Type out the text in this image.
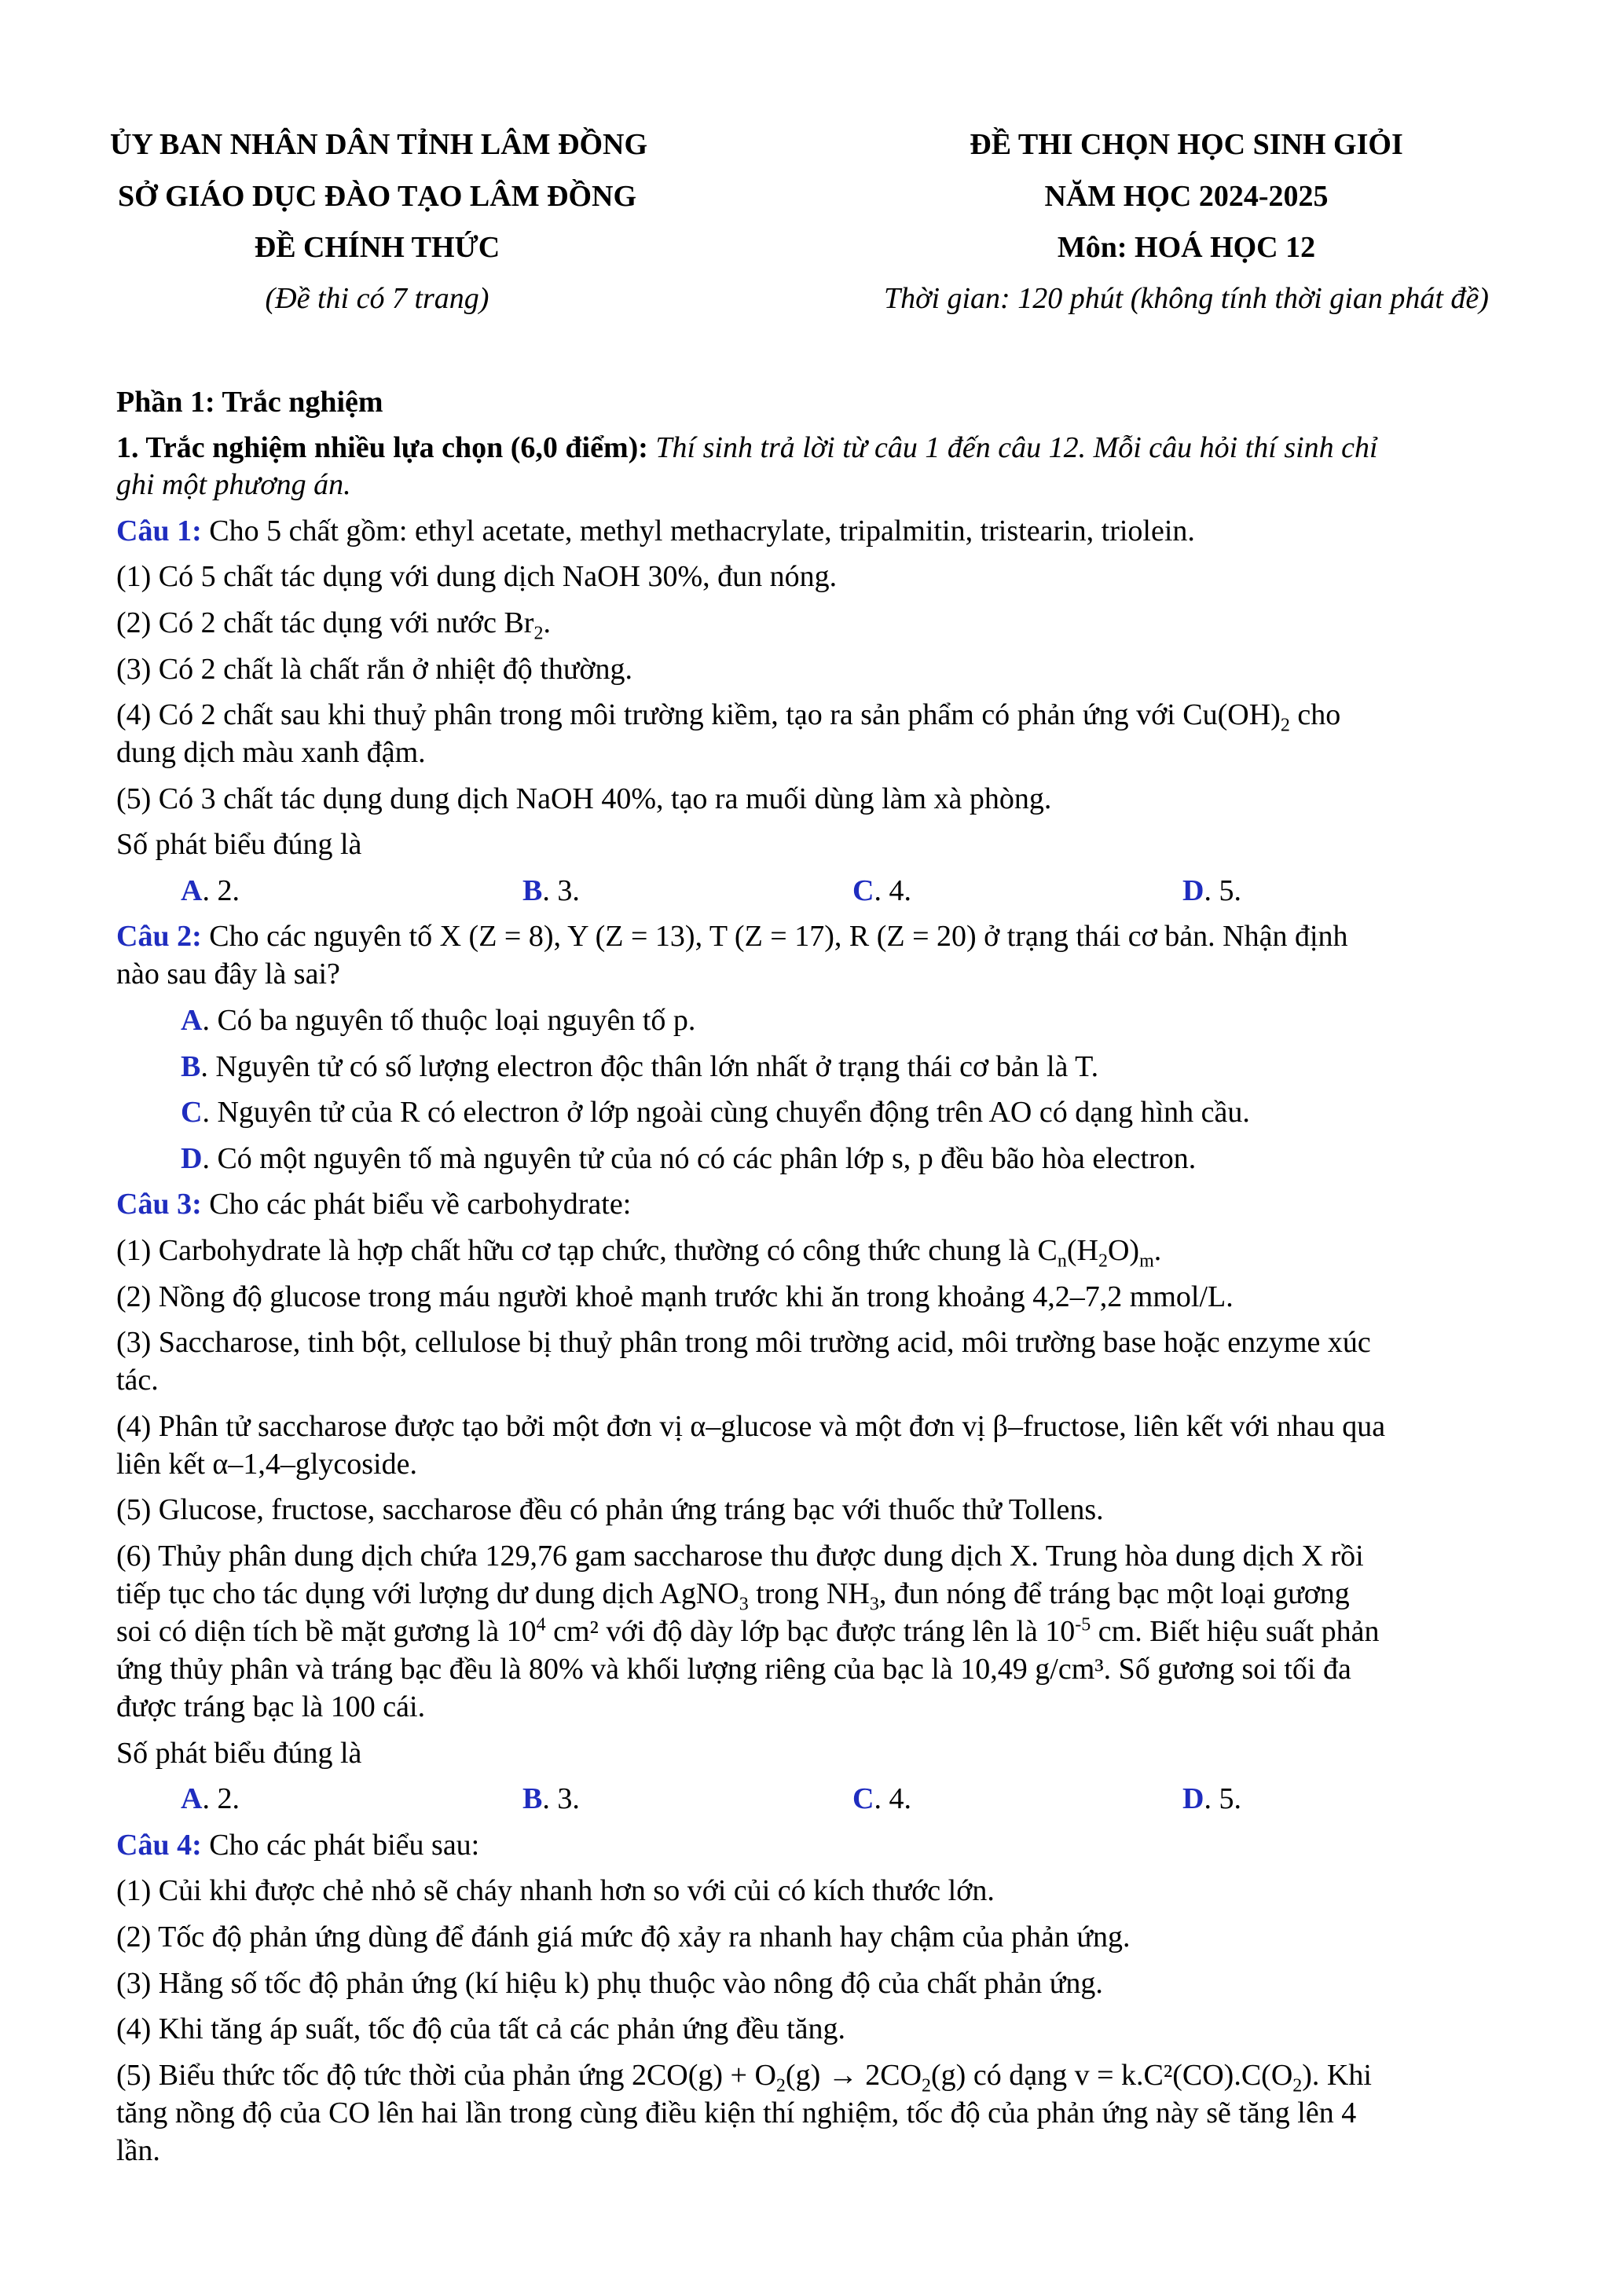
ỦY BAN NHÂN DÂN TỈNH LÂM ĐỒNG
SỞ GIÁO DỤC ĐÀO TẠO LÂM ĐỒNG
ĐỀ CHÍNH THỨC
(Đề thi có 7 trang)
ĐỀ THI CHỌN HỌC SINH GIỎI
NĂM HỌC 2024-2025
Môn: HOÁ HỌC 12
Thời gian: 120 phút (không tính thời gian phát đề)
Phần 1: Trắc nghiệm
1. Trắc nghiệm nhiều lựa chọn (6,0 điểm): Thí sinh trả lời từ câu 1 đến câu 12. Mỗi câu hỏi thí sinh chỉ
ghi một phương án.
Câu 1: Cho 5 chất gồm: ethyl acetate, methyl methacrylate, tripalmitin, tristearin, triolein.
(1) Có 5 chất tác dụng với dung dịch NaOH 30%, đun nóng.
(2) Có 2 chất tác dụng với nước $Br_2$.
(3) Có 2 chất là chất rắn ở nhiệt độ thường.
(4) Có 2 chất sau khi thuỷ phân trong môi trường kiềm, tạo ra sản phẩm có phản ứng với $Cu(OH)_2$ cho
dung dịch màu xanh đậm.
(5) Có 3 chất tác dụng dung dịch NaOH 40%, tạo ra muối dùng làm xà phòng.
Số phát biểu đúng là
A. 2.	B. 3.	C. 4.	D. 5.
Câu 2: Cho các nguyên tố X (Z = 8), Y (Z = 13), T (Z = 17), R (Z = 20) ở trạng thái cơ bản. Nhận định
nào sau đây là sai?
A. Có ba nguyên tố thuộc loại nguyên tố p.
B. Nguyên tử có số lượng electron độc thân lớn nhất ở trạng thái cơ bản là T.
C. Nguyên tử của R có electron ở lớp ngoài cùng chuyển động trên AO có dạng hình cầu.
D. Có một nguyên tố mà nguyên tử của nó có các phân lớp s, p đều bão hòa electron.
Câu 3: Cho các phát biểu về carbohydrate:
(1) Carbohydrate là hợp chất hữu cơ tạp chức, thường có công thức chung là $C_n(H_2O)_m$.
(2) Nồng độ glucose trong máu người khoẻ mạnh trước khi ăn trong khoảng 4,2–7,2 mmol/L.
(3) Saccharose, tinh bột, cellulose bị thuỷ phân trong môi trường acid, môi trường base hoặc enzyme xúc
tác.
(4) Phân tử saccharose được tạo bởi một đơn vị α–glucose và một đơn vị β–fructose, liên kết với nhau qua
liên kết α–1,4–glycoside.
(5) Glucose, fructose, saccharose đều có phản ứng tráng bạc với thuốc thử Tollens.
(6) Thủy phân dung dịch chứa 129,76 gam saccharose thu được dung dịch X. Trung hòa dung dịch X rồi
tiếp tục cho tác dụng với lượng dư dung dịch AgNO$_3$ trong $NH_3$, đun nóng để tráng bạc một loại gương
soi có diện tích bề mặt gương là $10^4$ cm² với độ dày lớp bạc được tráng lên là $10^{-5}$ cm. Biết hiệu suất phản
ứng thủy phân và tráng bạc đều là 80% và khối lượng riêng của bạc là 10,49 g/cm³. Số gương soi tối đa
được tráng bạc là 100 cái.
Số phát biểu đúng là
A. 2.	B. 3.	C. 4.	D. 5.
Câu 4: Cho các phát biểu sau:
(1) Củi khi được chẻ nhỏ sẽ cháy nhanh hơn so với củi có kích thước lớn.
(2) Tốc độ phản ứng dùng để đánh giá mức độ xảy ra nhanh hay chậm của phản ứng.
(3) Hằng số tốc độ phản ứng (kí hiệu k) phụ thuộc vào nông độ của chất phản ứng.
(4) Khi tăng áp suất, tốc độ của tất cả các phản ứng đều tăng.
(5) Biểu thức tốc độ tức thời của phản ứng $2CO(g) + O_2(g) \to 2CO_2(g)$ có dạng $v = k.C^2(CO).C(O_2)$. Khi
tăng nồng độ của CO lên hai lần trong cùng điều kiện thí nghiệm, tốc độ của phản ứng này sẽ tăng lên 4
lần.
